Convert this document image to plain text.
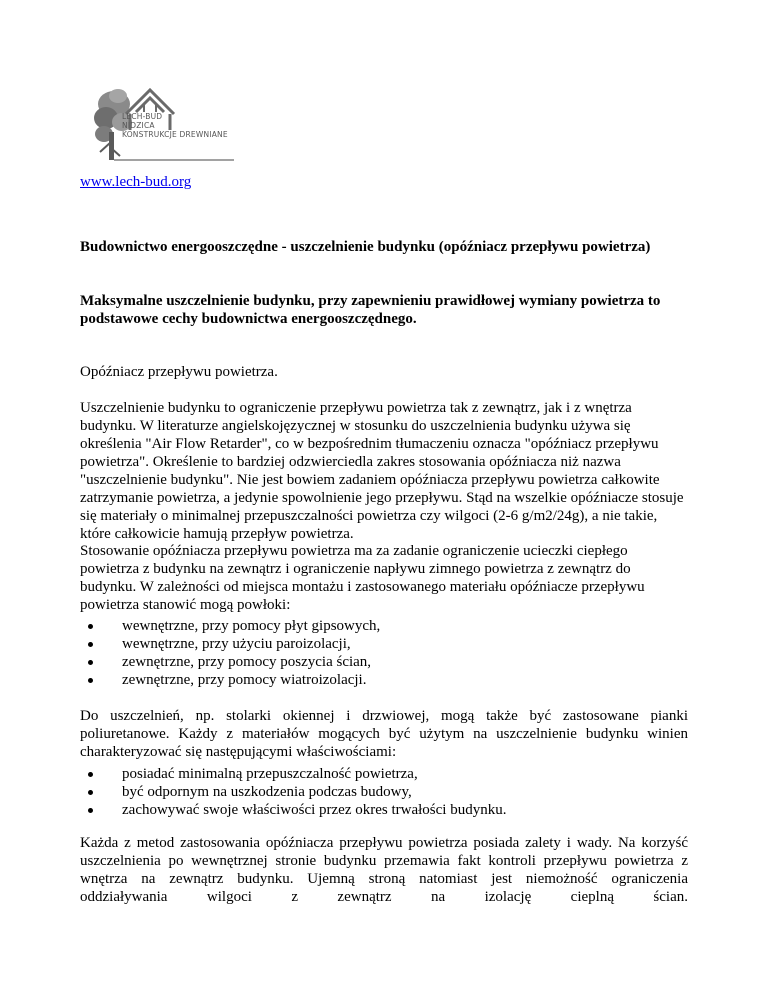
LECH-BUD
NIDZICA
KONSTRUKCJE DREWNIANE
www.lech-bud.org
Budownictwo energooszczędne - uszczelnienie budynku (opóźniacz przepływu powietrza)
Maksymalne uszczelnienie budynku, przy zapewnieniu prawidłowej wymiany powietrza to podstawowe cechy budownictwa energooszczędnego.
Opóźniacz przepływu powietrza.
Uszczelnienie budynku to ograniczenie przepływu powietrza tak z zewnątrz, jak i z wnętrza budynku. W literaturze angielskojęzycznej w stosunku do uszczelnienia budynku używa się określenia "Air Flow Retarder", co w bezpośrednim tłumaczeniu oznacza "opóźniacz przepływu powietrza". Określenie to bardziej odzwierciedla zakres stosowania opóźniacza niż nazwa "uszczelnienie budynku". Nie jest bowiem zadaniem opóźniacza przepływu powietrza całkowite zatrzymanie powietrza, a jedynie spowolnienie jego przepływu. Stąd na wszelkie opóźniacze stosuje się materiały o minimalnej przepuszczalności powietrza czy wilgoci (2-6 g/m2/24g), a nie takie, które całkowicie hamują przepływ powietrza.
Stosowanie opóźniacza przepływu powietrza ma za zadanie ograniczenie ucieczki ciepłego powietrza z budynku na zewnątrz i ograniczenie napływu zimnego powietrza z zewnątrz do budynku. W zależności od miejsca montażu i zastosowanego materiału opóźniacze przepływu powietrza stanowić mogą powłoki:
wewnętrzne, przy pomocy płyt gipsowych,
wewnętrzne, przy użyciu paroizolacji,
zewnętrzne, przy pomocy poszycia ścian,
zewnętrzne, przy pomocy wiatroizolacji.
Do uszczelnień, np. stolarki okiennej i drzwiowej, mogą także być zastosowane pianki poliuretanowe. Każdy z materiałów mogących być użytym na uszczelnienie budynku winien charakteryzować się następującymi właściwościami:
posiadać minimalną przepuszczalność powietrza,
być odpornym na uszkodzenia podczas budowy,
zachowywać swoje właściwości przez okres trwałości budynku.
Każda z metod zastosowania opóźniacza przepływu powietrza posiada zalety i wady. Na korzyść uszczelnienia po wewnętrznej stronie budynku przemawia fakt kontroli przepływu powietrza z wnętrza na zewnątrz budynku. Ujemną stroną natomiast jest niemożność ograniczenia oddziaływania wilgoci z zewnątrz na izolację cieplną ścian.
